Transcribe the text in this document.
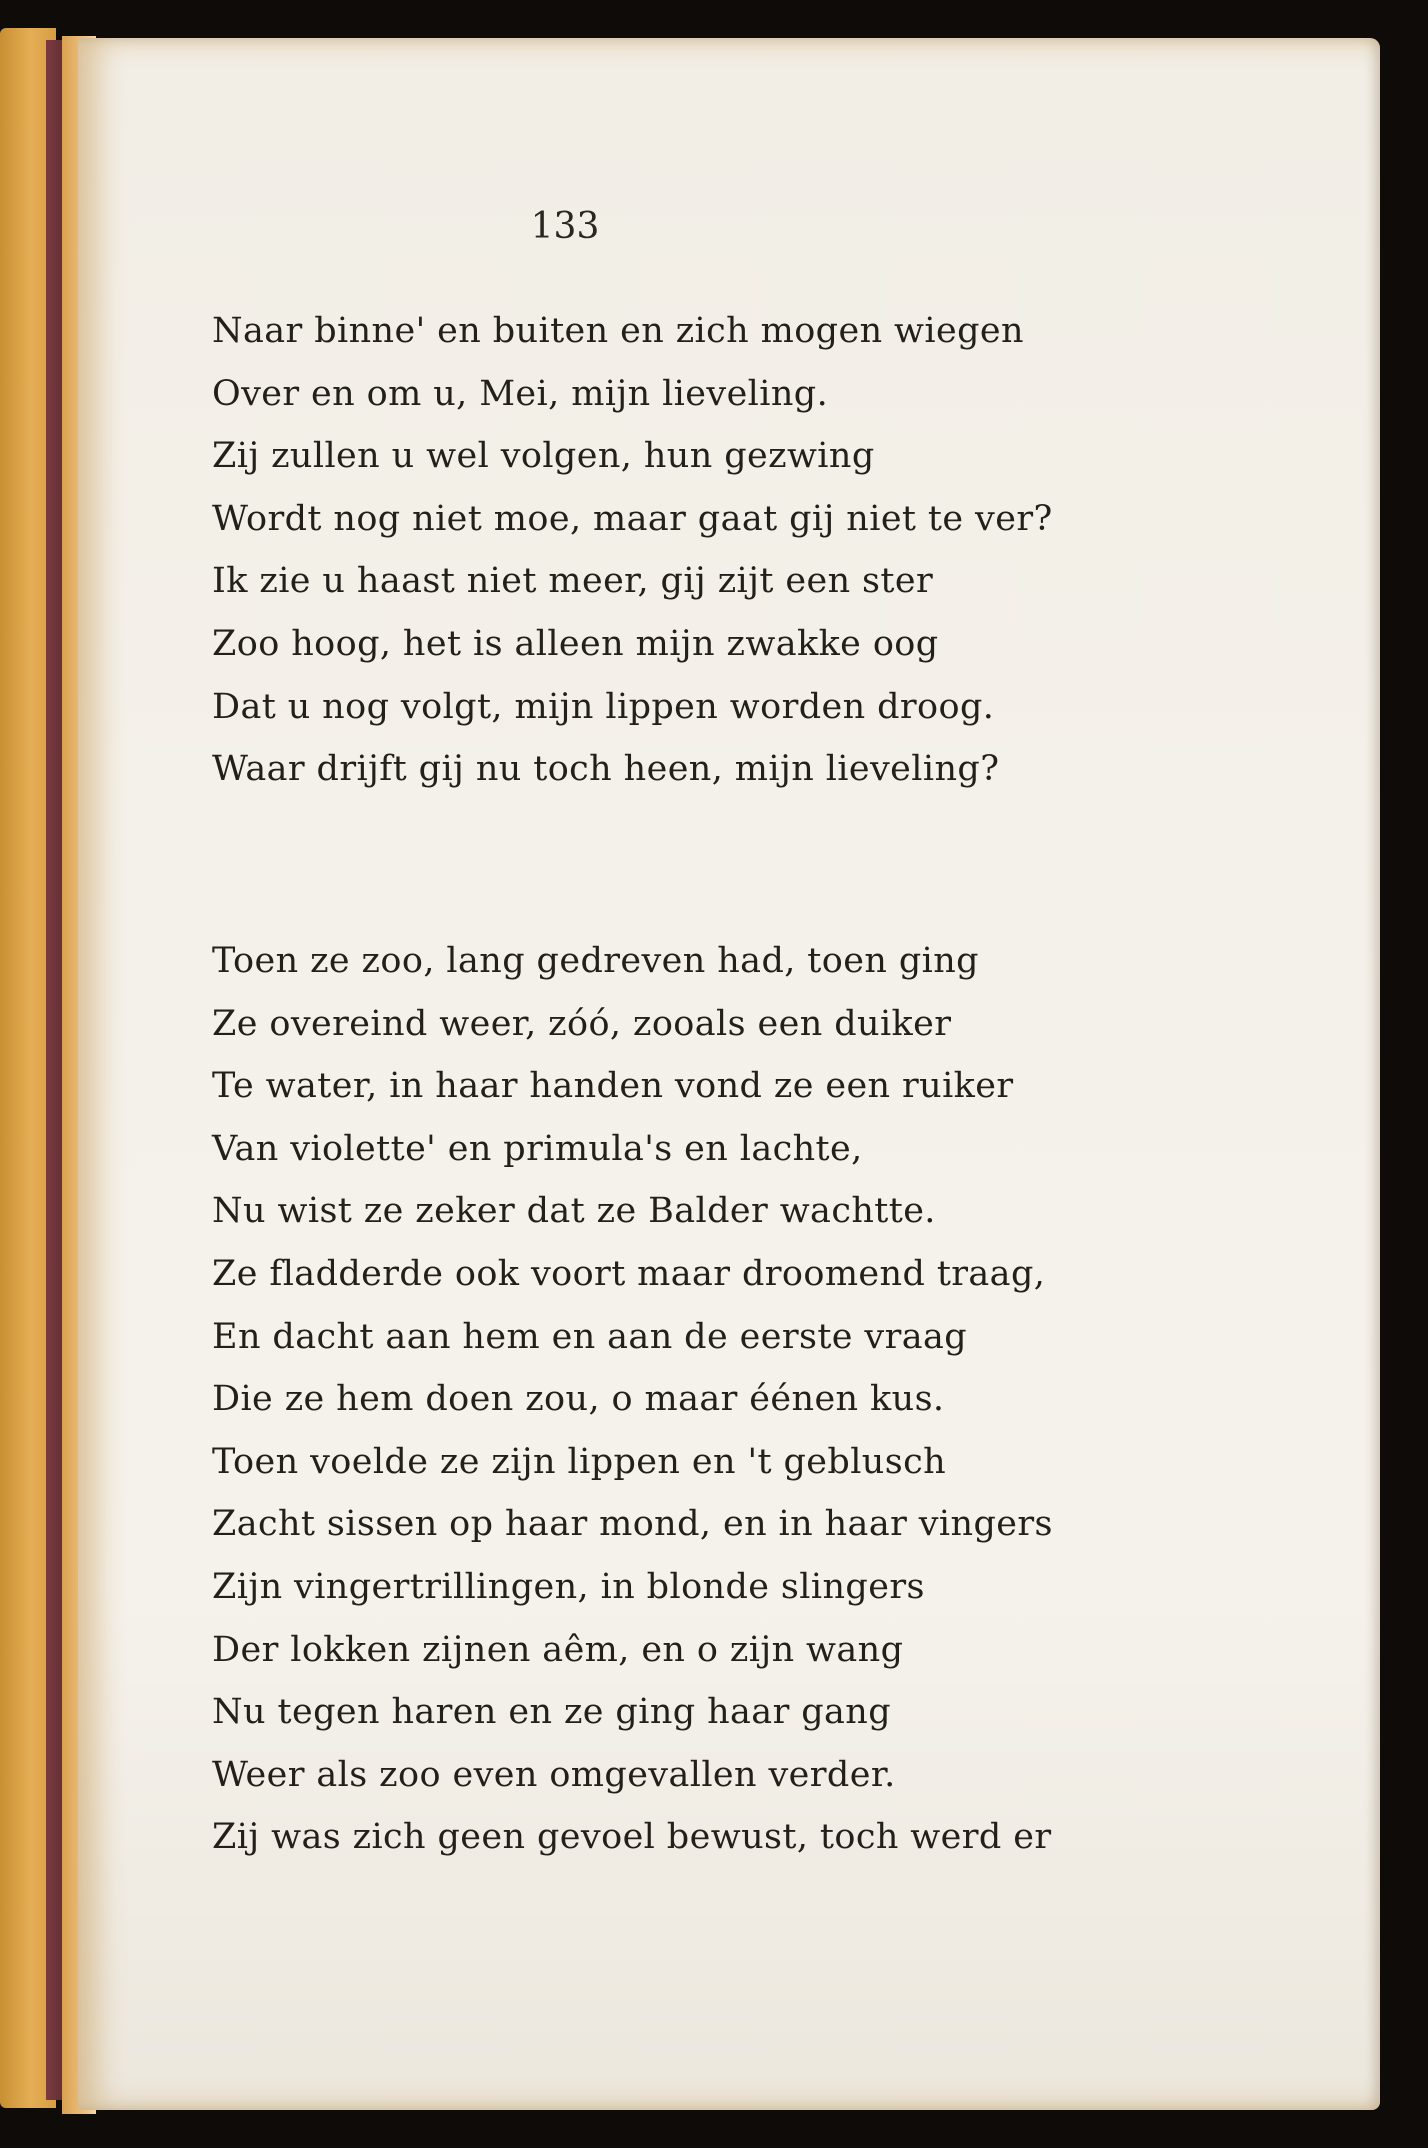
133
Naar binne' en buiten en zich mogen wiegen
Over en om u, Mei, mijn lieveling.
Zij zullen u wel volgen, hun gezwing
Wordt nog niet moe, maar gaat gij niet te ver?
Ik zie u haast niet meer, gij zijt een ster
Zoo hoog, het is alleen mijn zwakke oog
Dat u nog volgt, mijn lippen worden droog.
Waar drijft gij nu toch heen, mijn lieveling?
Toen ze zoo, lang gedreven had, toen ging
Ze overeind weer, zóó, zooals een duiker
Te water, in haar handen vond ze een ruiker
Van violette' en primula's en lachte,
Nu wist ze zeker dat ze Balder wachtte.
Ze fladderde ook voort maar droomend traag,
En dacht aan hem en aan de eerste vraag
Die ze hem doen zou, o maar éénen kus.
Toen voelde ze zijn lippen en 't geblusch
Zacht sissen op haar mond, en in haar vingers
Zijn vingertrillingen, in blonde slingers
Der lokken zijnen aêm, en o zijn wang
Nu tegen haren en ze ging haar gang
Weer als zoo even omgevallen verder.
Zij was zich geen gevoel bewust, toch werd er
